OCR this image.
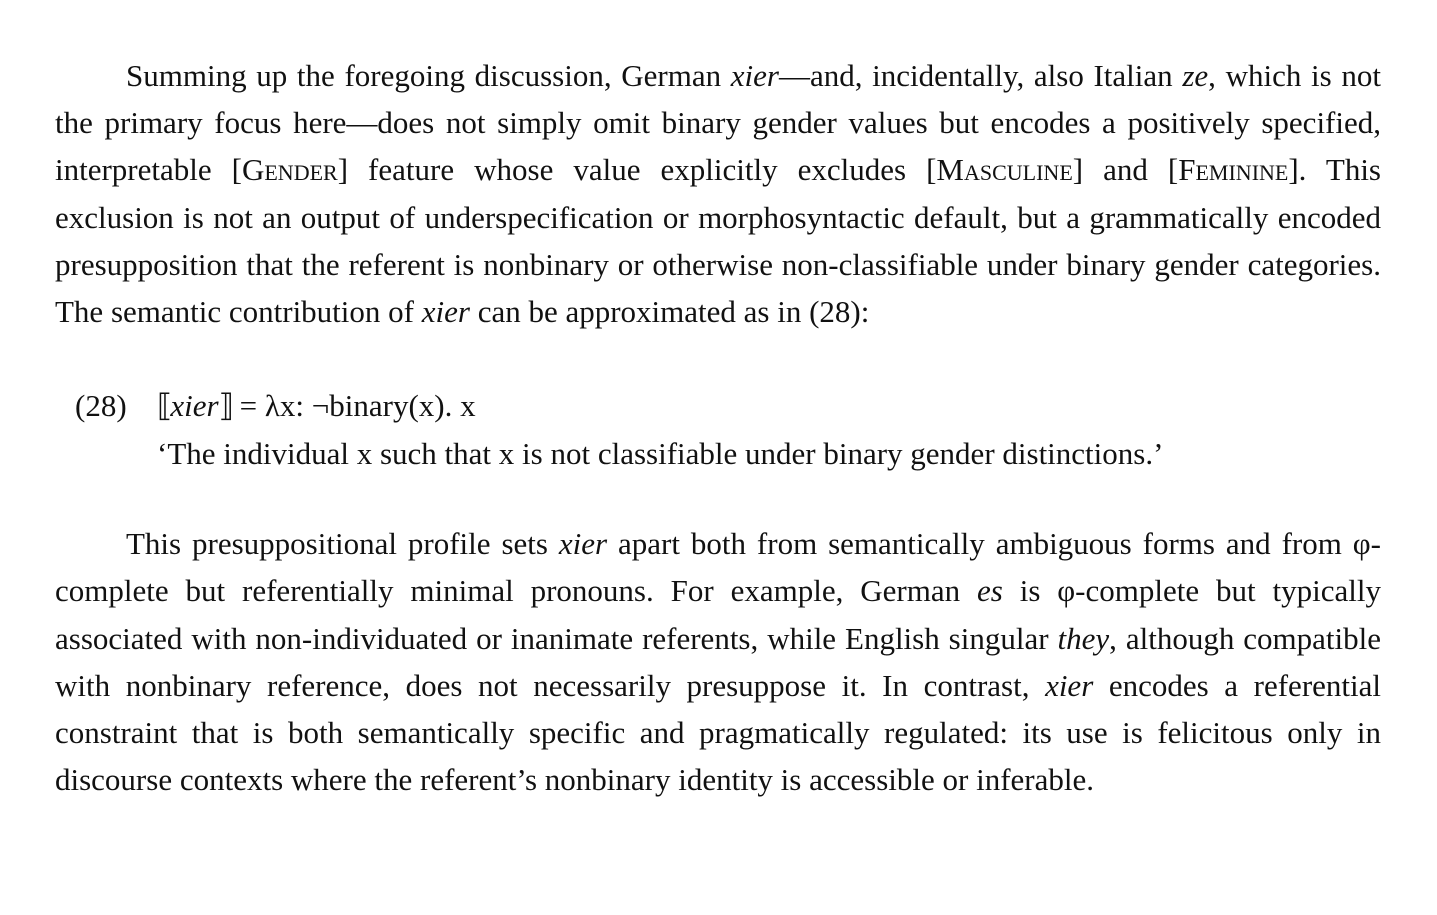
Summing up the foregoing discussion, German xier—and, incidentally, also Italian ze, which is not the primary focus here—does not simply omit binary gender values but encodes a positively specified, interpretable [Gender] feature whose value explicitly excludes [Masculine] and [Feminine]. This exclusion is not an output of underspecification or morphosyntactic default, but a grammatically encoded presupposition that the referent is nonbinary or otherwise non-classifiable under binary gender categories. The semantic contribution of xier can be approximated as in (28):

(28) ⟦xier⟧ = λx: ¬binary(x). x
‘The individual x such that x is not classifiable under binary gender distinctions.’

This presuppositional profile sets xier apart both from semantically ambiguous forms and from φ-complete but referentially minimal pronouns. For example, German es is φ-complete but typically associated with non-individuated or inanimate referents, while English singular they, although compatible with nonbinary reference, does not necessarily presuppose it. In contrast, xier encodes a referential constraint that is both semantically specific and pragmatically regulated: its use is felicitous only in discourse contexts where the referent’s nonbinary identity is accessible or inferable.
